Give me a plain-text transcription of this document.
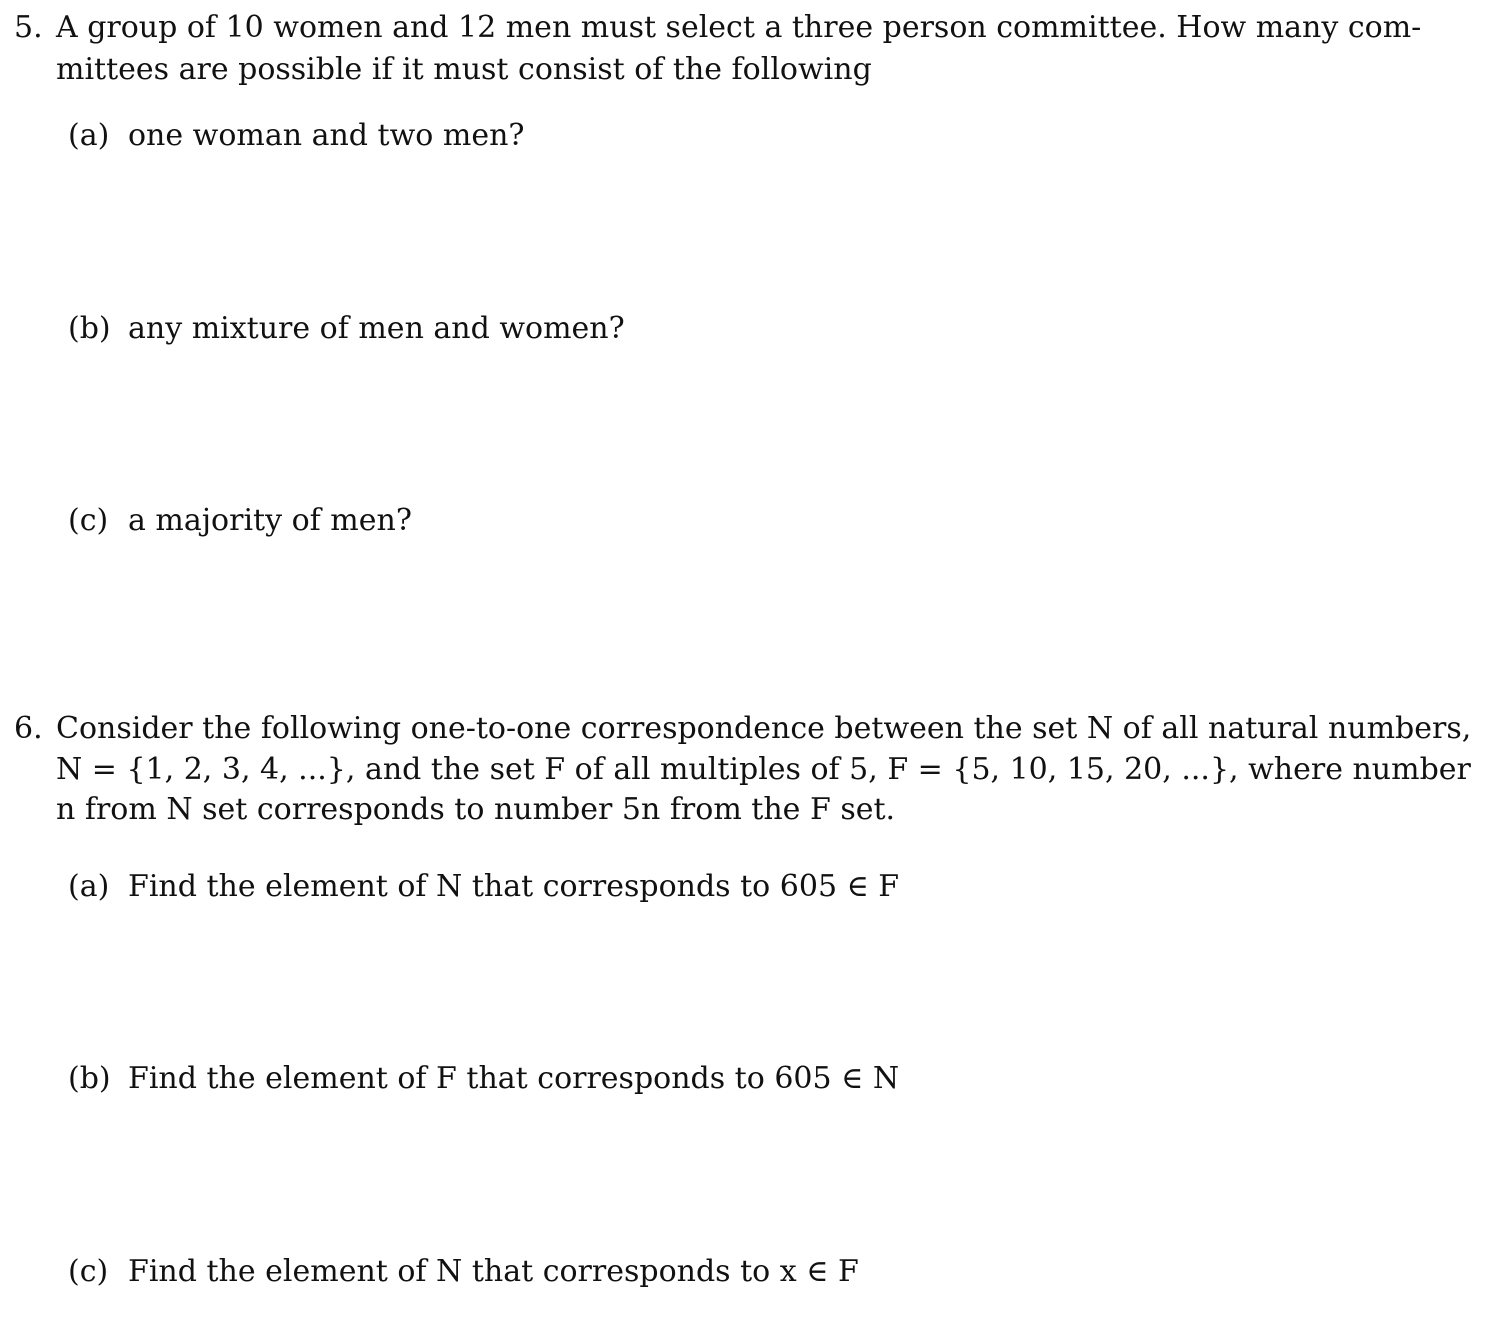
5. A group of 10 women and 12 men must select a three person committee. How many com-
mittees are possible if it must consist of the following
(a) one woman and two men?
(b) any mixture of men and women?
(c) a majority of men?
6. Consider the following one-to-one correspondence between the set N of all natural numbers,
N = {1, 2, 3, 4, ...}, and the set F of all multiples of 5, F = {5, 10, 15, 20, ...}, where number
n from N set corresponds to number 5n from the F set.
(a) Find the element of N that corresponds to 605 ∈ F
(b) Find the element of F that corresponds to 605 ∈ N
(c) Find the element of N that corresponds to x ∈ F
